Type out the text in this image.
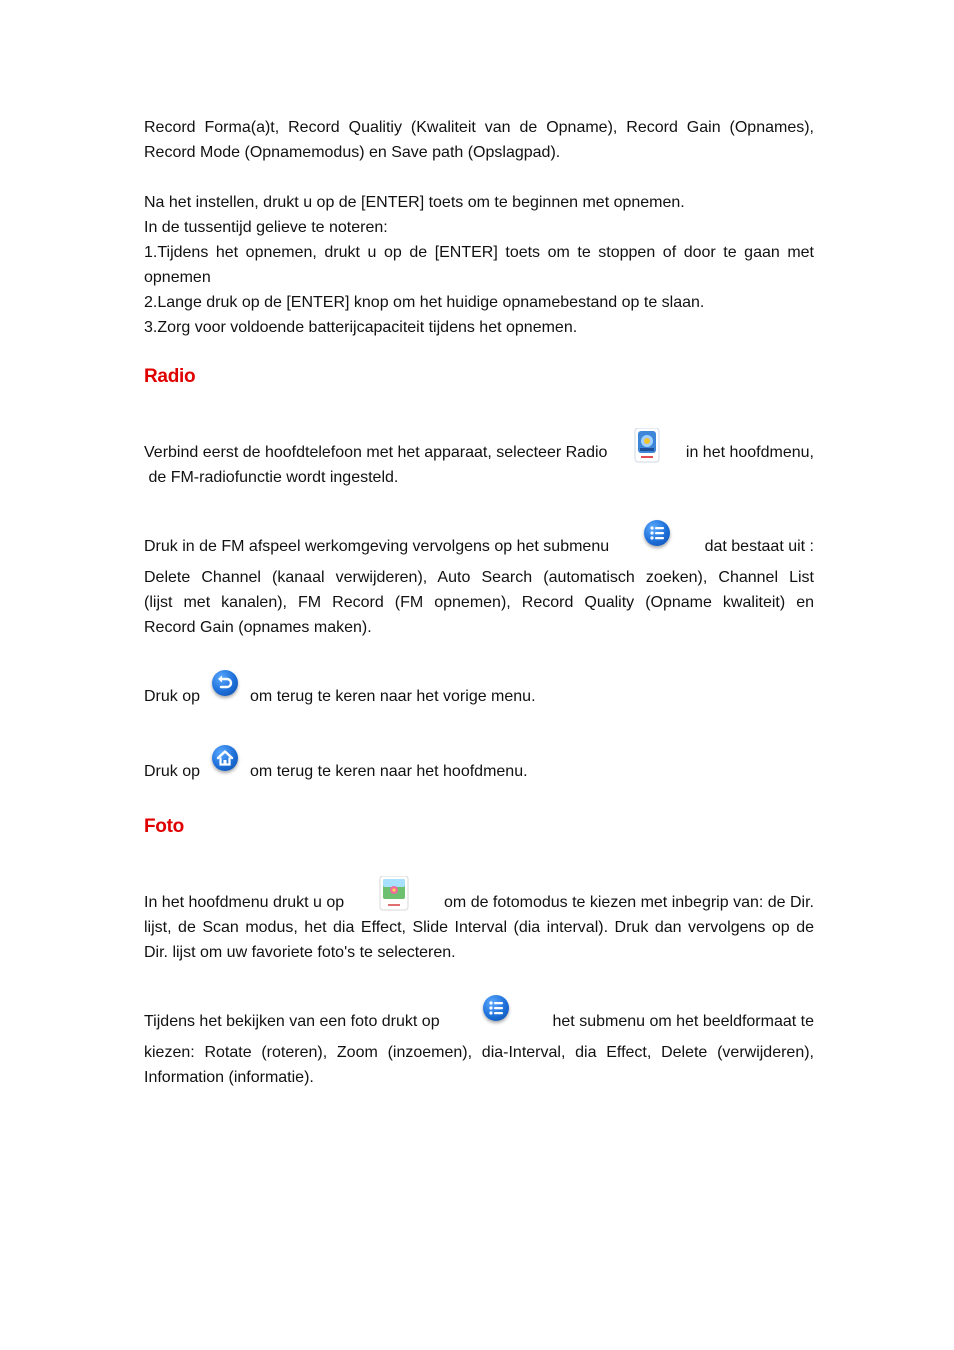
Record Forma(a)t, Record Qualitiy (Kwaliteit van de Opname), Record Gain (Opnames),
Record Mode (Opnamemodus) en Save path (Opslagpad).
Na het instellen, drukt u op de [ENTER] toets om te beginnen met opnemen.
In de tussentijd gelieve te noteren:
1.Tijdens het opnemen, drukt u op de [ENTER] toets om te stoppen of door te gaan met
opnemen
2.Lange druk op de [ENTER] knop om het huidige opnamebestand op te slaan.
3.Zorg voor voldoende batterijcapaciteit tijdens het opnemen.
Radio
Verbind eerst de hoofdtelefoon met het apparaat, selecteer Radio	in het hoofdmenu,
de FM-radiofunctie wordt ingesteld.
Druk in de FM afspeel werkomgeving vervolgens op het submenu	dat bestaat uit :
Delete Channel (kanaal verwijderen), Auto Search (automatisch zoeken), Channel List
(lijst met kanalen), FM Record (FM opnemen), Record Quality (Opname kwaliteit) en
Record Gain (opnames maken).
Druk op	om terug te keren naar het vorige menu.
Druk op	om terug te keren naar het hoofdmenu.
Foto
In het hoofdmenu drukt u op	om de fotomodus te kiezen met inbegrip van: de Dir.
lijst, de Scan modus, het dia Effect, Slide Interval (dia interval). Druk dan vervolgens op de
Dir. lijst om uw favoriete foto's te selecteren.
Tijdens het bekijken van een foto drukt op	het submenu om het beeldformaat te
kiezen: Rotate (roteren), Zoom (inzoemen), dia-Interval, dia Effect, Delete (verwijderen),
Information (informatie).
